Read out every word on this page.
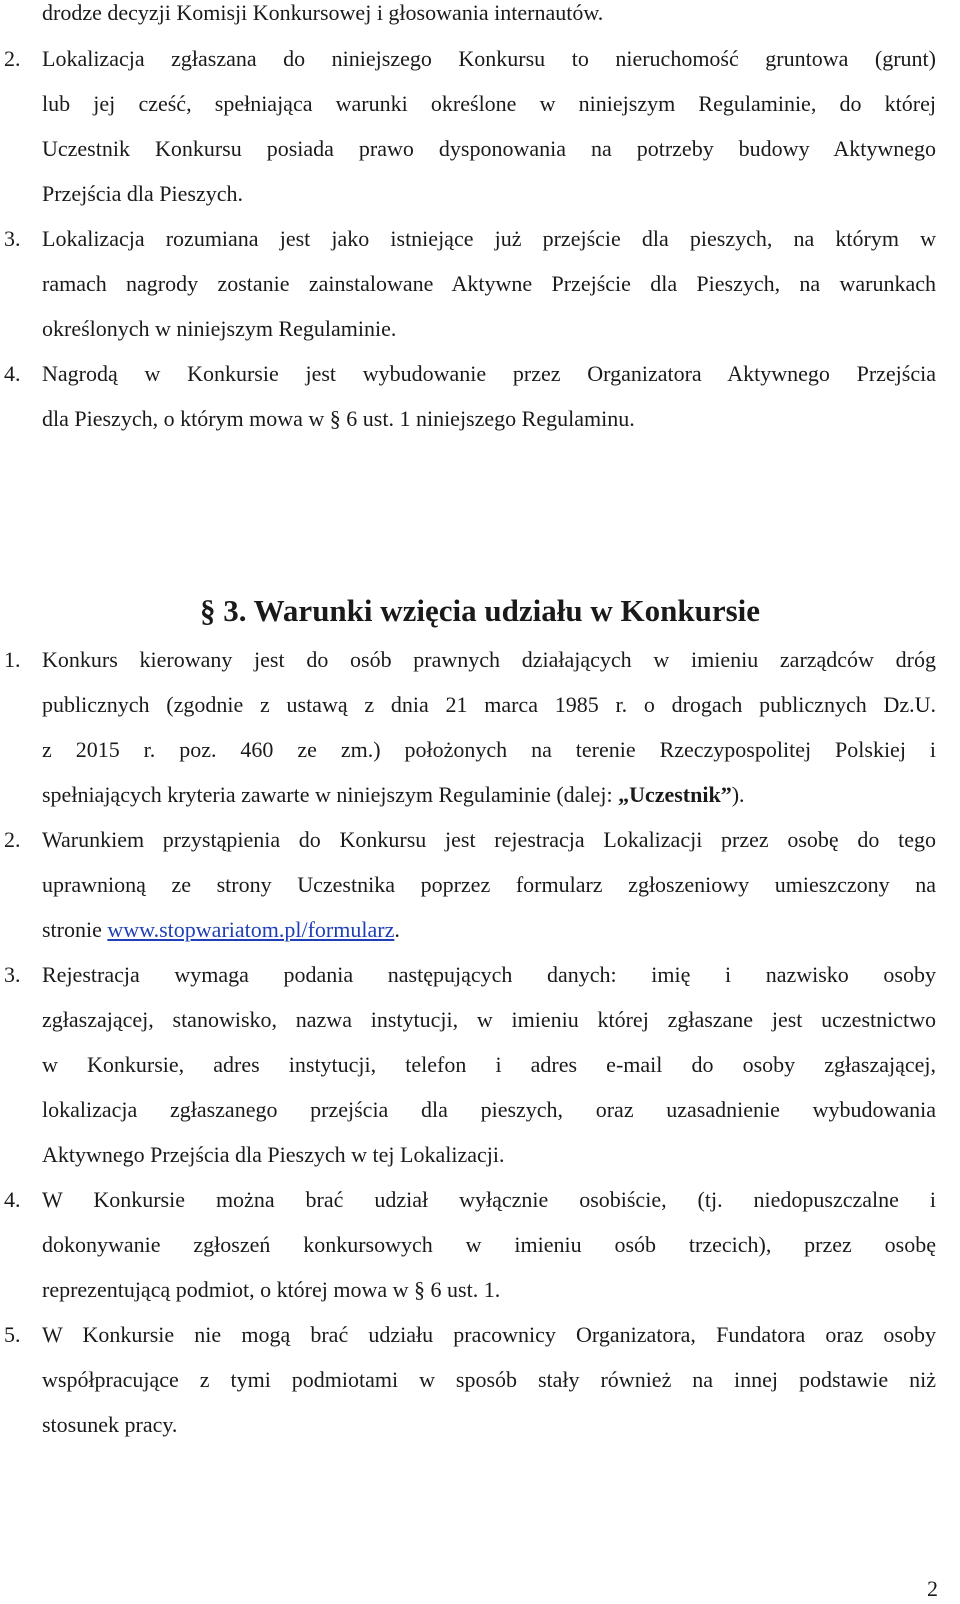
drodze decyzji Komisji Konkursowej i głosowania internautów.
2. Lokalizacja zgłaszana do niniejszego Konkursu to nieruchomość gruntowa (grunt)
lub jej cześć, spełniająca warunki określone w niniejszym Regulaminie, do której
Uczestnik Konkursu posiada prawo dysponowania na potrzeby budowy Aktywnego
Przejścia dla Pieszych.
3. Lokalizacja rozumiana jest jako istniejące już przejście dla pieszych, na którym w
ramach nagrody zostanie zainstalowane Aktywne Przejście dla Pieszych, na warunkach
określonych w niniejszym Regulaminie.
4. Nagrodą w Konkursie jest wybudowanie przez Organizatora Aktywnego Przejścia
dla Pieszych, o którym mowa w § 6 ust. 1 niniejszego Regulaminu.
§ 3. Warunki wzięcia udziału w Konkursie
1. Konkurs kierowany jest do osób prawnych działających w imieniu zarządców dróg
publicznych (zgodnie z ustawą z dnia 21 marca 1985 r. o drogach publicznych Dz.U.
z 2015 r. poz. 460 ze zm.) położonych na terenie Rzeczypospolitej Polskiej i
spełniających kryteria zawarte w niniejszym Regulaminie (dalej: „Uczestnik”).
2. Warunkiem przystąpienia do Konkursu jest rejestracja Lokalizacji przez osobę do tego
uprawnioną ze strony Uczestnika poprzez formularz zgłoszeniowy umieszczony na
stronie www.stopwariatom.pl/formularz.
3. Rejestracja wymaga podania następujących danych: imię i nazwisko osoby
zgłaszającej, stanowisko, nazwa instytucji, w imieniu której zgłaszane jest uczestnictwo
w Konkursie, adres instytucji, telefon i adres e-mail do osoby zgłaszającej,
lokalizacja zgłaszanego przejścia dla pieszych, oraz uzasadnienie wybudowania
Aktywnego Przejścia dla Pieszych w tej Lokalizacji.
4. W Konkursie można brać udział wyłącznie osobiście, (tj. niedopuszczalne i
dokonywanie zgłoszeń konkursowych w imieniu osób trzecich), przez osobę
reprezentującą podmiot, o której mowa w § 6 ust. 1.
5. W Konkursie nie mogą brać udziału pracownicy Organizatora, Fundatora oraz osoby
współpracujące z tymi podmiotami w sposób stały również na innej podstawie niż
stosunek pracy.
2
